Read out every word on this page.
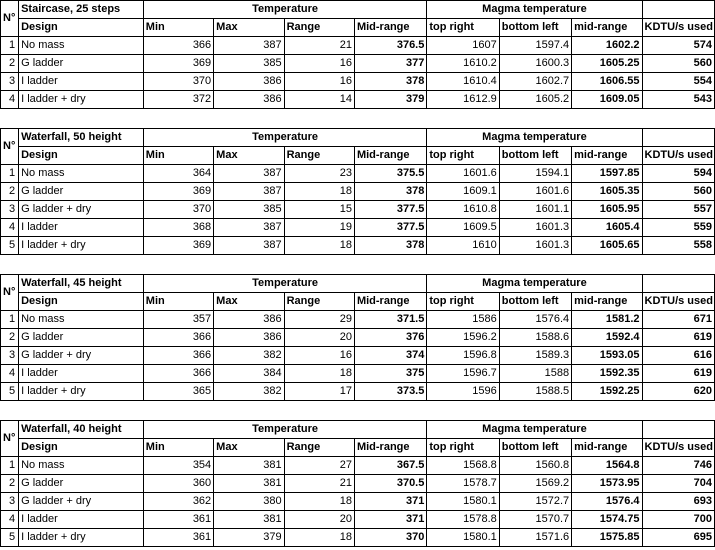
N°	Staircase, 25 steps	Temperature				Magma temperature			
	Design	Min	Max	Range	Mid-range	top right	bottom left	mid-range	KDTU/s used
1	No mass	366	387	21	376.5	1607	1597.4	1602.2	574
2	G ladder	369	385	16	377	1610.2	1600.3	1605.25	560
3	I ladder	370	386	16	378	1610.4	1602.7	1606.55	554
4	I ladder + dry	372	386	14	379	1612.9	1605.2	1609.05	543
N°	Waterfall, 50 height	Temperature				Magma temperature			
	Design	Min	Max	Range	Mid-range	top right	bottom left	mid-range	KDTU/s used
1	No mass	364	387	23	375.5	1601.6	1594.1	1597.85	594
2	G ladder	369	387	18	378	1609.1	1601.6	1605.35	560
3	G ladder + dry	370	385	15	377.5	1610.8	1601.1	1605.95	557
4	I ladder	368	387	19	377.5	1609.5	1601.3	1605.4	559
5	I ladder + dry	369	387	18	378	1610	1601.3	1605.65	558
N°	Waterfall, 45 height	Temperature				Magma temperature			
	Design	Min	Max	Range	Mid-range	top right	bottom left	mid-range	KDTU/s used
1	No mass	357	386	29	371.5	1586	1576.4	1581.2	671
2	G ladder	366	386	20	376	1596.2	1588.6	1592.4	619
3	G ladder + dry	366	382	16	374	1596.8	1589.3	1593.05	616
4	I ladder	366	384	18	375	1596.7	1588	1592.35	619
5	I ladder + dry	365	382	17	373.5	1596	1588.5	1592.25	620
N°	Waterfall, 40 height	Temperature				Magma temperature			
	Design	Min	Max	Range	Mid-range	top right	bottom left	mid-range	KDTU/s used
1	No mass	354	381	27	367.5	1568.8	1560.8	1564.8	746
2	G ladder	360	381	21	370.5	1578.7	1569.2	1573.95	704
3	G ladder + dry	362	380	18	371	1580.1	1572.7	1576.4	693
4	I ladder	361	381	20	371	1578.8	1570.7	1574.75	700
5	I ladder + dry	361	379	18	370	1580.1	1571.6	1575.85	695
